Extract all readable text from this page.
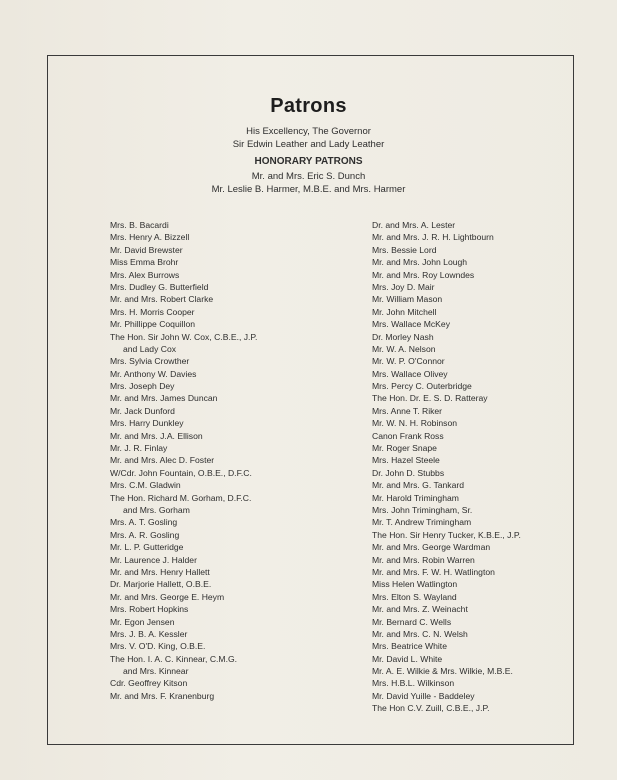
Patrons
His Excellency, The Governor
Sir Edwin Leather and Lady Leather
HONORARY PATRONS
Mr. and Mrs. Eric S. Dunch
Mr. Leslie B. Harmer, M.B.E. and Mrs. Harmer
Mrs. B. Bacardi
Mrs. Henry A. Bizzell
Mr. David Brewster
Miss Emma Brohr
Mrs. Alex Burrows
Mrs. Dudley G. Butterfield
Mr. and Mrs. Robert Clarke
Mrs. H. Morris Cooper
Mr. Phillippe Coquillon
The Hon. Sir John W. Cox, C.B.E., J.P.
and Lady Cox
Mrs. Sylvia Crowther
Mr. Anthony W. Davies
Mrs. Joseph Dey
Mr. and Mrs. James Duncan
Mr. Jack Dunford
Mrs. Harry Dunkley
Mr. and Mrs. J.A. Ellison
Mr. J. R. Finlay
Mr. and Mrs. Alec D. Foster
W/Cdr. John Fountain, O.B.E., D.F.C.
Mrs. C.M. Gladwin
The Hon. Richard M. Gorham, D.F.C.
and Mrs. Gorham
Mrs. A. T. Gosling
Mrs. A. R. Gosling
Mr. L. P. Gutteridge
Mr. Laurence J. Halder
Mr. and Mrs. Henry Hallett
Dr. Marjorie Hallett, O.B.E.
Mr. and Mrs. George E. Heym
Mrs. Robert Hopkins
Mr. Egon Jensen
Mrs. J. B. A. Kessler
Mrs. V. O'D. King, O.B.E.
The Hon. I. A. C. Kinnear, C.M.G.
and Mrs. Kinnear
Cdr. Geoffrey Kitson
Mr. and Mrs. F. Kranenburg
Dr. and Mrs. A. Lester
Mr. and Mrs. J. R. H. Lightbourn
Mrs. Bessie Lord
Mr. and Mrs. John Lough
Mr. and Mrs. Roy Lowndes
Mrs. Joy D. Mair
Mr. William Mason
Mr. John Mitchell
Mrs. Wallace McKey
Dr. Morley Nash
Mr. W. A. Nelson
Mr. W. P. O'Connor
Mrs. Wallace Olivey
Mrs. Percy C. Outerbridge
The Hon. Dr. E. S. D. Ratteray
Mrs. Anne T. Riker
Mr. W. N. H. Robinson
Canon Frank Ross
Mr. Roger Snape
Mrs. Hazel Steele
Dr. John D. Stubbs
Mr. and Mrs. G. Tankard
Mr. Harold Trimingham
Mrs. John Trimingham, Sr.
Mr. T. Andrew Trimingham
The Hon. Sir Henry Tucker, K.B.E., J.P.
Mr. and Mrs. George Wardman
Mr. and Mrs. Robin Warren
Mr. and Mrs. F. W. H. Watlington
Miss Helen Watlington
Mrs. Elton S. Wayland
Mr. and Mrs. Z. Weinacht
Mr. Bernard C. Wells
Mr. and Mrs. C. N. Welsh
Mrs. Beatrice White
Mr. David L. White
Mr. A. E. Wilkie & Mrs. Wilkie, M.B.E.
Mrs. H.B.L. Wilkinson
Mr. David Yuille - Baddeley
The Hon C.V. Zuill, C.B.E., J.P.
